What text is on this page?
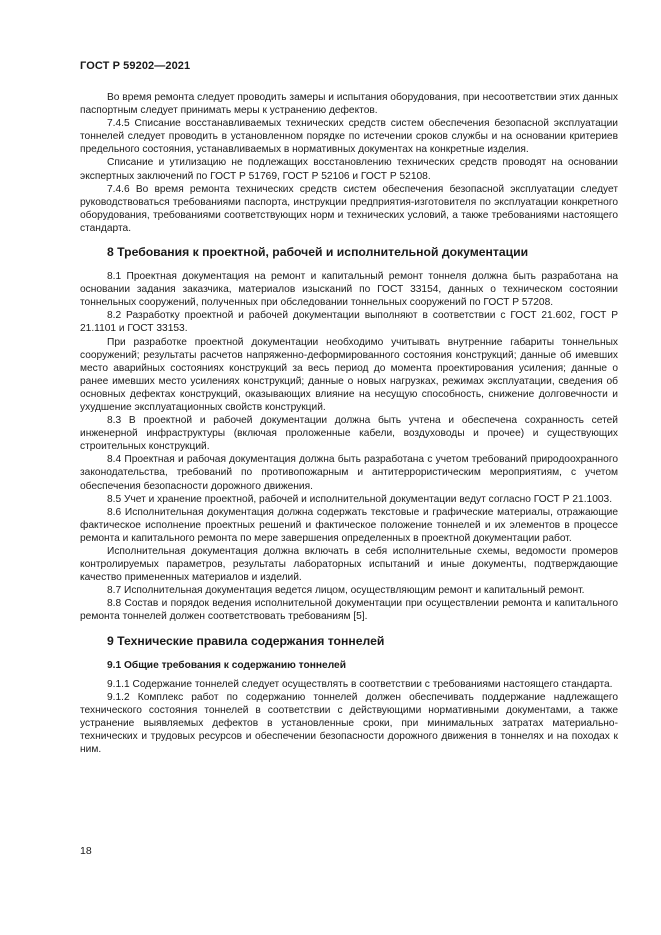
ГОСТ Р 59202—2021

Во время ремонта следует проводить замеры и испытания оборудования, при несоответствии этих данных паспортным следует принимать меры к устранению дефектов.

7.4.5 Списание восстанавливаемых технических средств систем обеспечения безопасной эксплуатации тоннелей следует проводить в установленном порядке по истечении сроков службы и на основании критериев предельного состояния, устанавливаемых в нормативных документах на конкретные изделия.

Списание и утилизацию не подлежащих восстановлению технических средств проводят на основании экспертных заключений по ГОСТ Р 51769, ГОСТ Р 52106 и ГОСТ Р 52108.

7.4.6 Во время ремонта технических средств систем обеспечения безопасной эксплуатации следует руководствоваться требованиями паспорта, инструкции предприятия-изготовителя по эксплуатации конкретного оборудования, требованиями соответствующих норм и технических условий, а также требованиями настоящего стандарта.

8 Требования к проектной, рабочей и исполнительной документации

8.1 Проектная документация на ремонт и капитальный ремонт тоннеля должна быть разработана на основании задания заказчика, материалов изысканий по ГОСТ 33154, данных о техническом состоянии тоннельных сооружений, полученных при обследовании тоннельных сооружений по ГОСТ Р 57208.

8.2 Разработку проектной и рабочей документации выполняют в соответствии с ГОСТ 21.602, ГОСТ Р 21.1101 и ГОСТ 33153.

При разработке проектной документации необходимо учитывать внутренние габариты тоннельных сооружений; результаты расчетов напряженно-деформированного состояния конструкций; данные об имевших место аварийных состояниях конструкций за весь период до момента проектирования усиления; данные о ранее имевших место усилениях конструкций; данные о новых нагрузках, режимах эксплуатации, сведения об основных дефектах конструкций, оказывающих влияние на несущую способность, снижение долговечности и ухудшение эксплуатационных свойств конструкций.

8.3 В проектной и рабочей документации должна быть учтена и обеспечена сохранность сетей инженерной инфраструктуры (включая проложенные кабели, воздуховоды и прочее) и существующих строительных конструкций.

8.4 Проектная и рабочая документация должна быть разработана с учетом требований природоохранного законодательства, требований по противопожарным и антитеррористическим мероприятиям, с учетом обеспечения безопасности дорожного движения.

8.5 Учет и хранение проектной, рабочей и исполнительной документации ведут согласно ГОСТ Р 21.1003.

8.6 Исполнительная документация должна содержать текстовые и графические материалы, отражающие фактическое исполнение проектных решений и фактическое положение тоннелей и их элементов в процессе ремонта и капитального ремонта по мере завершения определенных в проектной документации работ.

Исполнительная документация должна включать в себя исполнительные схемы, ведомости промеров контролируемых параметров, результаты лабораторных испытаний и иные документы, подтверждающие качество примененных материалов и изделий.

8.7 Исполнительная документация ведется лицом, осуществляющим ремонт и капитальный ремонт.

8.8 Состав и порядок ведения исполнительной документации при осуществлении ремонта и капитального ремонта тоннелей должен соответствовать требованиям [5].

9 Технические правила содержания тоннелей
9.1 Общие требования к содержанию тоннелей

9.1.1 Содержание тоннелей следует осуществлять в соответствии с требованиями настоящего стандарта.

9.1.2 Комплекс работ по содержанию тоннелей должен обеспечивать поддержание надлежащего технического состояния тоннелей в соответствии с действующими нормативными документами, а также устранение выявляемых дефектов в установленные сроки, при минимальных затратах материально-технических и трудовых ресурсов и обеспечении безопасности дорожного движения в тоннелях и на походах к ним.

18
